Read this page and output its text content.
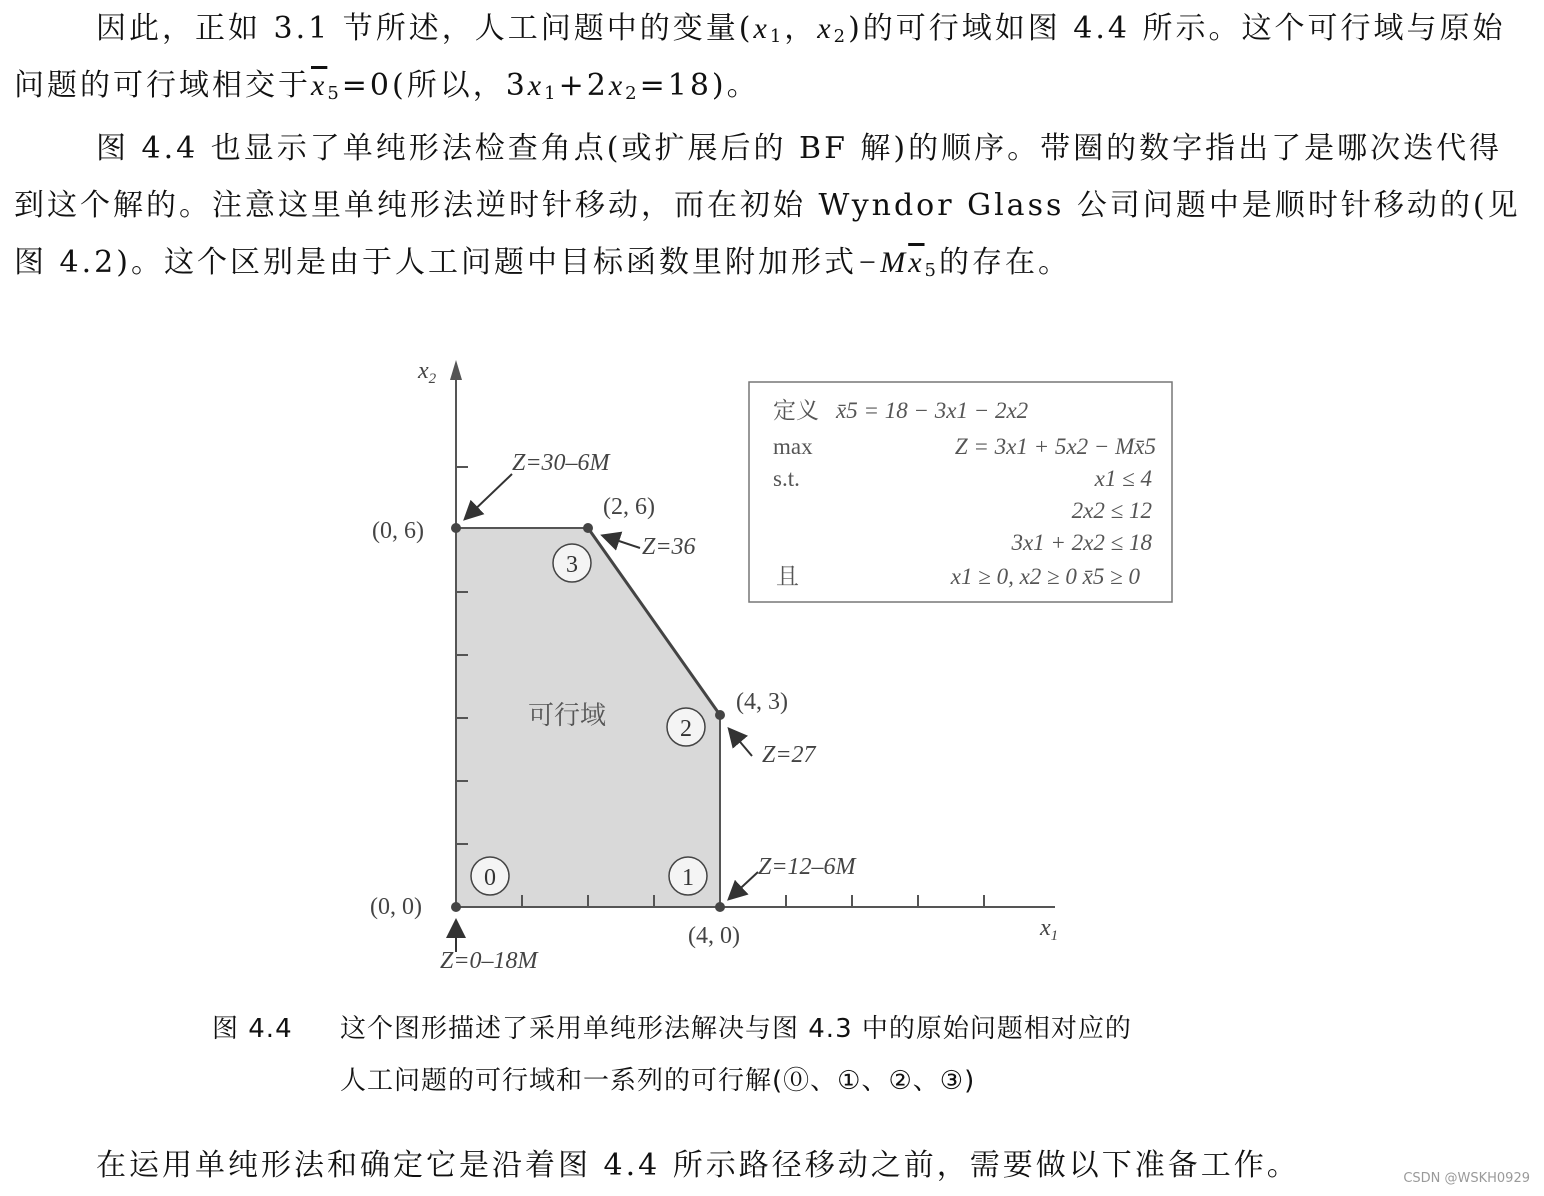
因此，正如 3.1 节所述，人工问题中的变量($x_1$，$x_2$)的可行域如图 4.4 所示。这个可行域与原始问题的可行域相交于$\overline{x}_5=0$(所以，$3x_1+2x_2=18$)。

图 4.4 也显示了单纯形法检查角点(或扩展后的 BF 解)的顺序。带圈的数字指出了是哪次迭代得到这个解的。注意这里单纯形法逆时针移动，而在初始 Wyndor Glass 公司问题中是顺时针移动的(见图 4.2)。这个区别是由于人工问题中目标函数里附加形式$-M\overline{x}_5$的存在。

$x_2$
$x_1$
(0, 0)
(4, 0)
(4, 3)
(2, 6)
(0, 6)
Z=0–18M
Z=12–6M
Z=27
Z=36
Z=30–6M
0	1
2
3
可行域
定义 x̄5 = 18 − 3x1 − 2x2
max	Z = 3x1 + 5x2 − Mx̄5
s.t.	x1 ≤ 4
2x2 ≤ 12
3x1 + 2x2 ≤ 18
且	x1 ≥ 0, x2 ≥ 0 x̄5 ≥ 0
图 4.4 这个图形描述了采用单纯形法解决与图 4.3 中的原始问题相对应的
人工问题的可行域和一系列的可行解(⓪、①、②、③)
在运用单纯形法和确定它是沿着图 4.4 所示路径移动之前，需要做以下准备工作。	CSDN @WSKH0929
